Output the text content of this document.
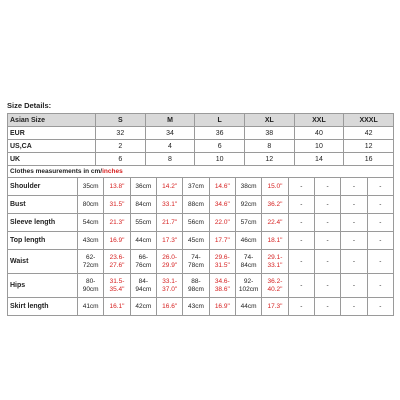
Size Details:
Asian Size	S	M	L	XL	XXL	XXXL
EUR	32	34	36	38	40	42
US,CA	2	4	6	8	10	12
UK	6	8	10	12	14	16
Clothes measurements in cm/inches												
Shoulder	35cm	13.8"	36cm	14.2"	37cm	14.6"	38cm	15.0"	-	-	-	-
Bust	80cm	31.5"	84cm	33.1"	88cm	34.6"	92cm	36.2"	-	-	-	-
Sleeve length	54cm	21.3"	55cm	21.7"	56cm	22.0"	57cm	22.4"	-	-	-	-
Top length	43cm	16.9"	44cm	17.3"	45cm	17.7"	46cm	18.1"	-	-	-	-
Waist	62-72cm	23.6-27.6"	66-76cm	26.0-29.9"	74-78cm	29.6-31.5"	74-84cm	29.1-33.1"	-	-	-	-
Hips	80-90cm	31.5-35.4"	84-94cm	33.1-37.0"	88-98cm	34.6-38.6"	92-102cm	36.2-40.2"	-	-	-	-
Skirt length	41cm	16.1"	42cm	16.6"	43cm	16.9"	44cm	17.3"	-	-	-	-
